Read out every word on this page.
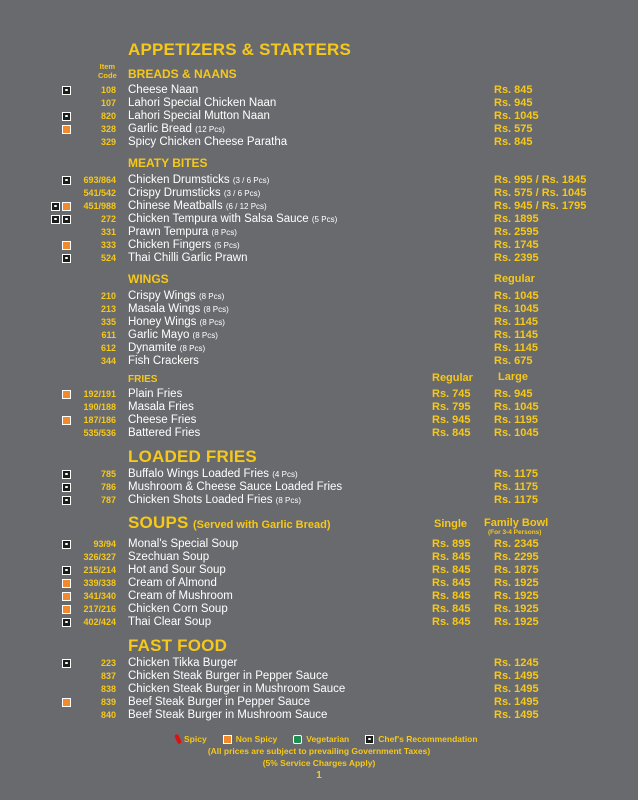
APPETIZERS & STARTERS
Item
Code BREADS & NAANS
108 Cheese Naan	Rs. 845
107 Lahori Special Chicken Naan	Rs. 945
820 Lahori Special Mutton Naan	Rs. 1045
328 Garlic Bread (12 Pcs)	Rs. 575
329 Spicy Chicken Cheese Paratha	Rs. 845
MEATY BITES
693/864 Chicken Drumsticks (3 / 6 Pcs)	Rs. 995 / Rs. 1845
541/542 Crispy Drumsticks (3 / 6 Pcs)	Rs. 575 / Rs. 1045
451/988 Chinese Meatballs (6 / 12 Pcs)	Rs. 945 / Rs. 1795
272 Chicken Tempura with Salsa Sauce (5 Pcs)	Rs. 1895
331 Prawn Tempura (8 Pcs)	Rs. 2595
333 Chicken Fingers (5 Pcs)	Rs. 1745
524 Thai Chilli Garlic Prawn	Rs. 2395
WINGS	Regular
210 Crispy Wings (8 Pcs)	Rs. 1045
213 Masala Wings (8 Pcs)	Rs. 1045
335 Honey Wings (8 Pcs)	Rs. 1145
611 Garlic Mayo (8 Pcs)	Rs. 1145
612 Dynamite (8 Pcs)	Rs. 1145
344 Fish Crackers	Rs. 675
FRIES	Regular Large
192/191 Plain Fries	Rs. 745 Rs. 945
190/188 Masala Fries	Rs. 795 Rs. 1045
187/186 Cheese Fries	Rs. 945 Rs. 1195
535/536 Battered Fries	Rs. 845 Rs. 1045
LOADED FRIES
785 Buffalo Wings Loaded Fries (4 Pcs)	Rs. 1175
786 Mushroom & Cheese Sauce Loaded Fries	Rs. 1175
787 Chicken Shots Loaded Fries (8 Pcs)	Rs. 1175
SOUPS (Served with Garlic Bread)	Single Family Bowl
(For 3-4 Persons)
93/94 Monal's Special Soup	Rs. 895 Rs. 2345
326/327 Szechuan Soup	Rs. 845 Rs. 2295
215/214 Hot and Sour Soup	Rs. 845 Rs. 1875
339/338 Cream of Almond	Rs. 845 Rs. 1925
341/340 Cream of Mushroom	Rs. 845 Rs. 1925
217/216 Chicken Corn Soup	Rs. 845 Rs. 1925
402/424 Thai Clear Soup	Rs. 845 Rs. 1925
FAST FOOD
223 Chicken Tikka Burger	Rs. 1245
837 Chicken Steak Burger in Pepper Sauce	Rs. 1495
838 Chicken Steak Burger in Mushroom Sauce	Rs. 1495
839 Beef Steak Burger in Pepper Sauce	Rs. 1495
840 Beef Steak Burger in Mushroom Sauce	Rs. 1495
Spicy	Non Spicy	Vegetarian	Chef's Recommendation
(All prices are subject to prevailing Government Taxes)
(5% Service Charges Apply)
1
